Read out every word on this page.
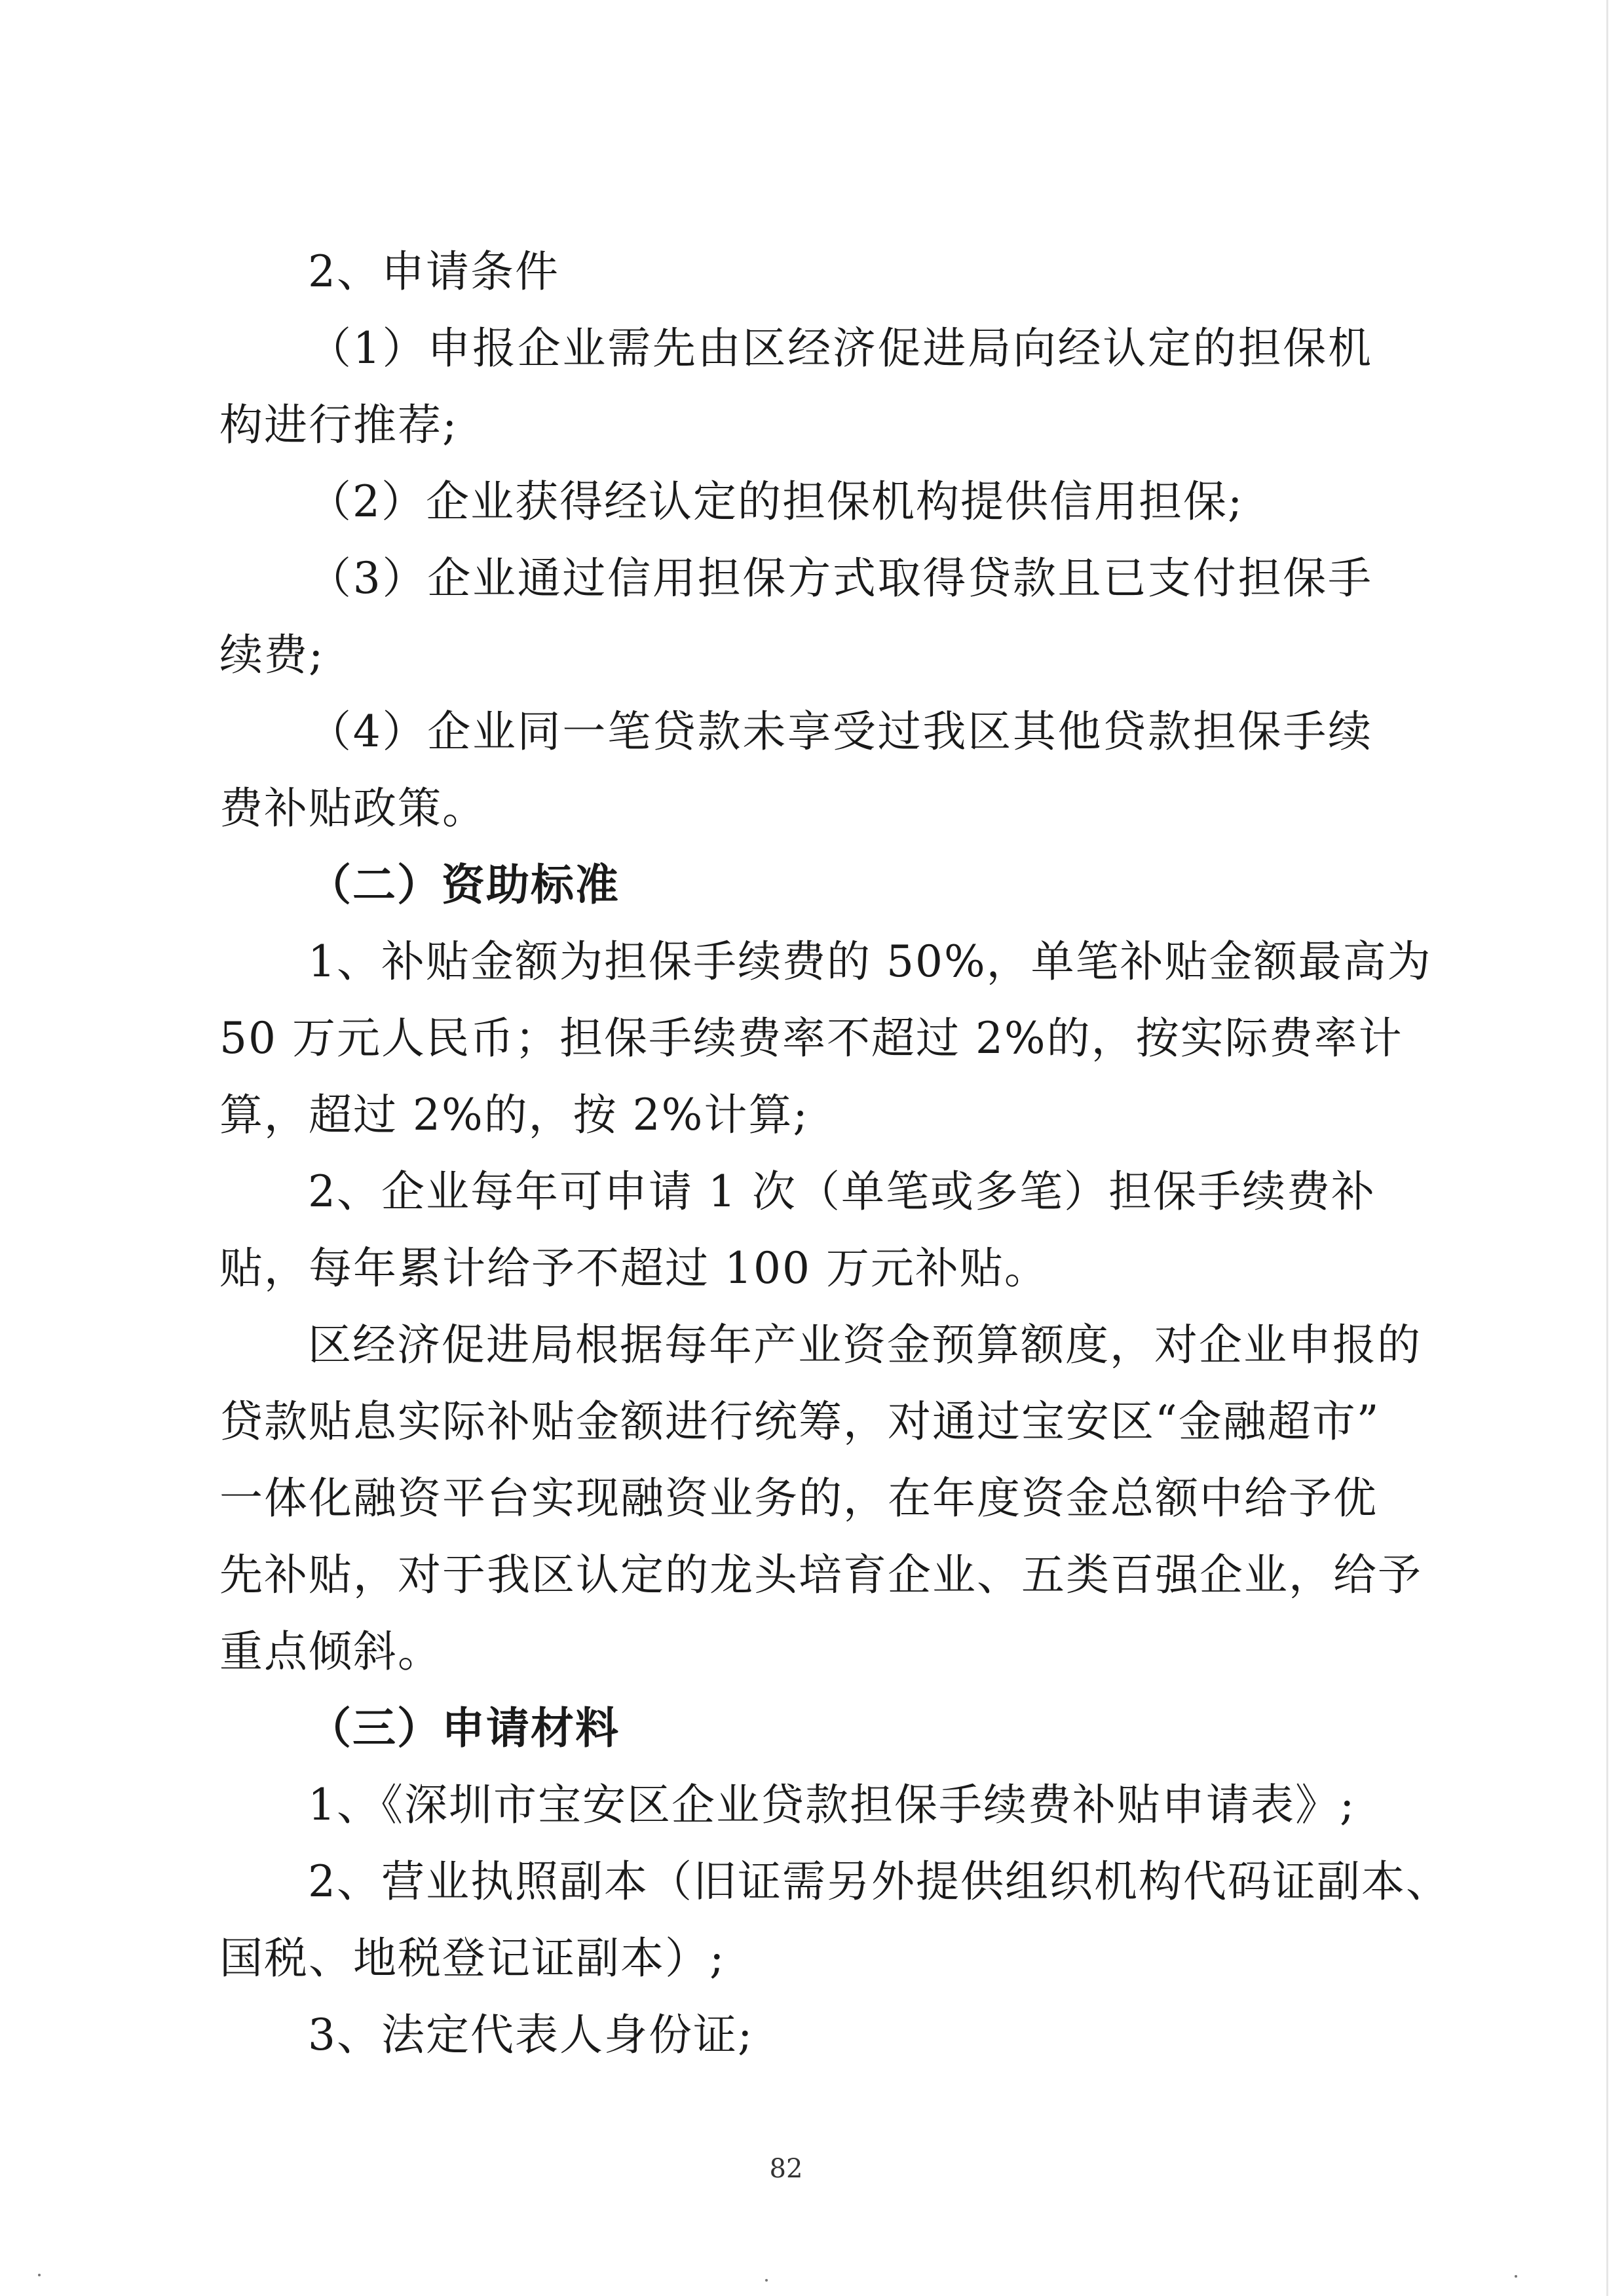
2、申请条件
（1）申报企业需先由区经济促进局向经认定的担保机
构进行推荐;
（2）企业获得经认定的担保机构提供信用担保;
（3）企业通过信用担保方式取得贷款且已支付担保手
续费;
（4）企业同一笔贷款未享受过我区其他贷款担保手续
费补贴政策。
（二）资助标准
1、补贴金额为担保手续费的 50%，单笔补贴金额最高为
50 万元人民币；担保手续费率不超过 2%的，按实际费率计
算，超过 2%的，按 2%计算;
2、企业每年可申请 1 次（单笔或多笔）担保手续费补
贴，每年累计给予不超过 100 万元补贴。
区经济促进局根据每年产业资金预算额度，对企业申报的
贷款贴息实际补贴金额进行统筹，对通过宝安区“金融超市”
一体化融资平台实现融资业务的，在年度资金总额中给予优
先补贴，对于我区认定的龙头培育企业、五类百强企业，给予
重点倾斜。
（三）申请材料
1、《深圳市宝安区企业贷款担保手续费补贴申请表》;
2、营业执照副本（旧证需另外提供组织机构代码证副本、
国税、地税登记证副本）;
3、法定代表人身份证;
82
